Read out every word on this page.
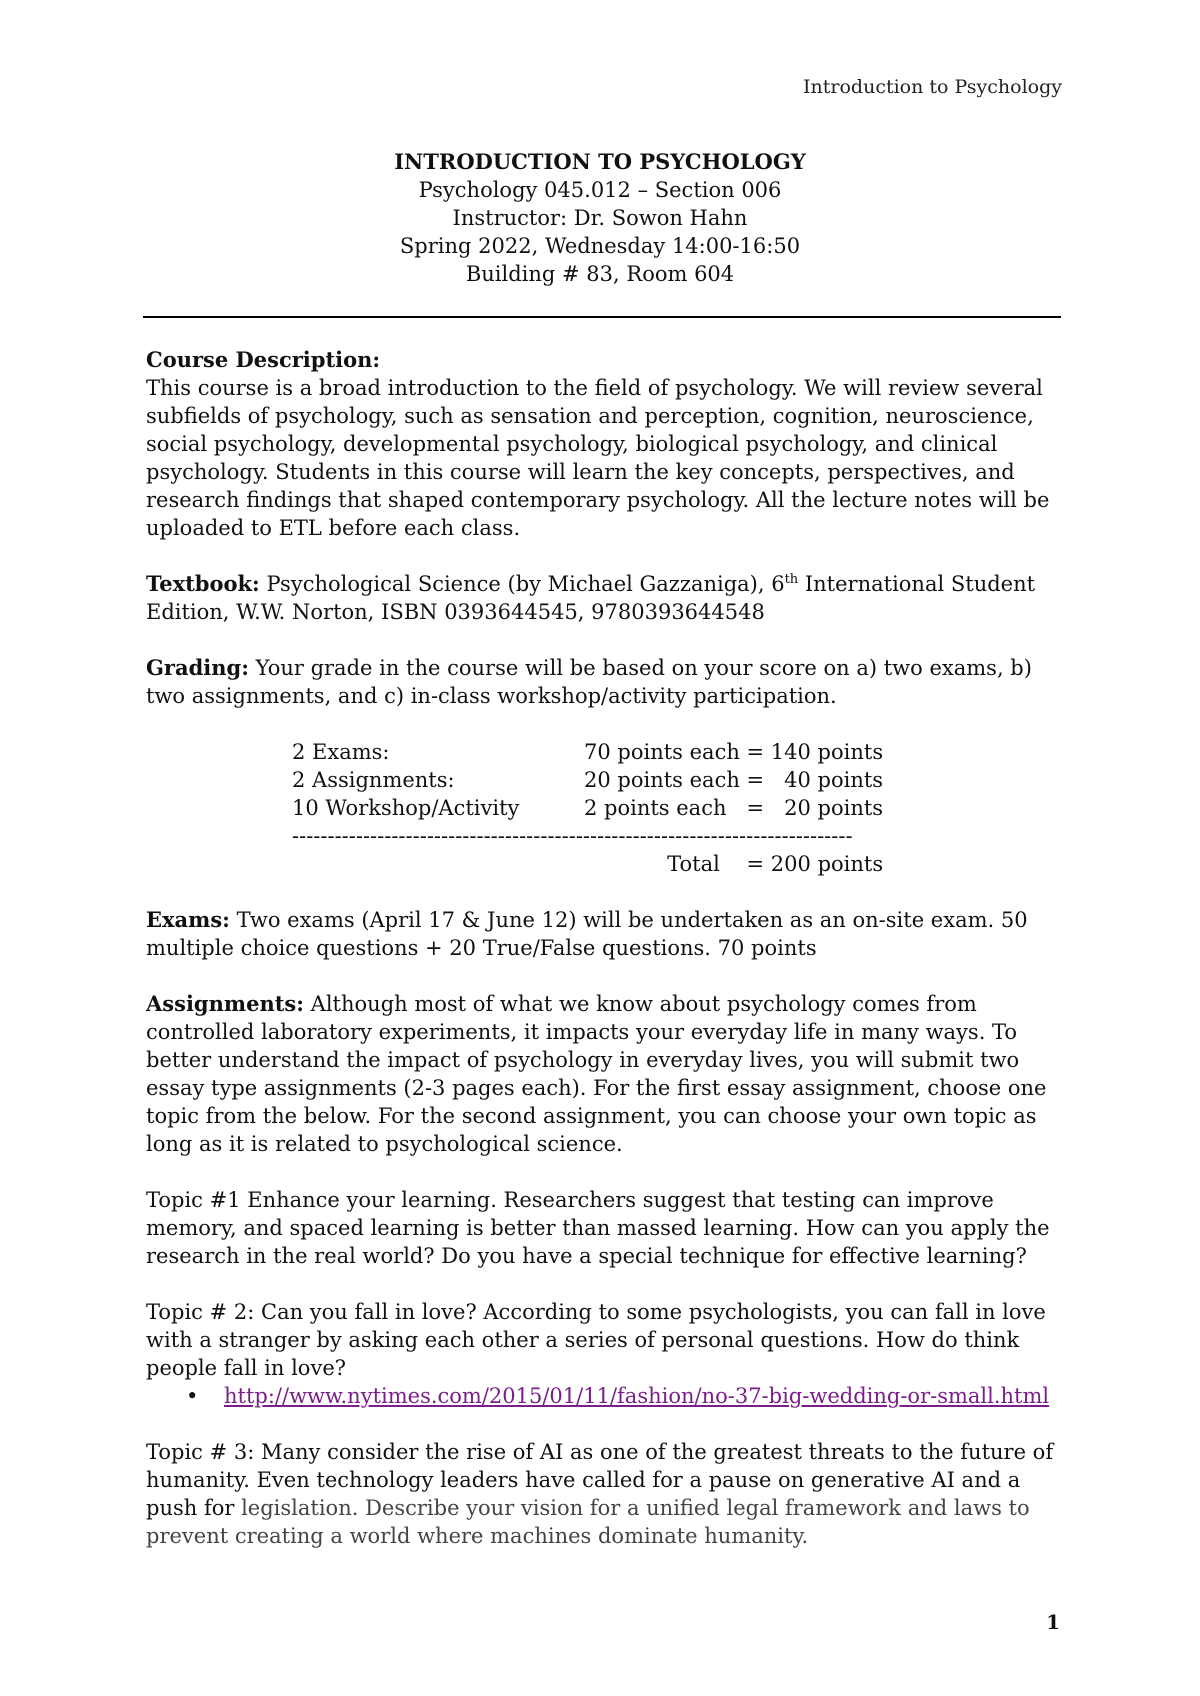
Introduction to Psychology
INTRODUCTION TO PSYCHOLOGY
Psychology 045.012 – Section 006
Instructor: Dr. Sowon Hahn
Spring 2022, Wednesday 14:00-16:50
Building # 83, Room 604

Course Description:
This course is a broad introduction to the field of psychology. We will review several subfields of psychology, such as sensation and perception, cognition, neuroscience, social psychology, developmental psychology, biological psychology, and clinical psychology. Students in this course will learn the key concepts, perspectives, and research findings that shaped contemporary psychology. All the lecture notes will be uploaded to ETL before each class.

Textbook: Psychological Science (by Michael Gazzaniga), 6th International Student Edition, W.W. Norton, ISBN 0393644545, 9780393644548

Grading: Your grade in the course will be based on your score on a) two exams, b) two assignments, and c) in-class workshop/activity participation.

2 Exams:	70 points each = 140 points
2 Assignments:	20 points each =   40 points
10 Workshop/Activity	2 points each   =   20 points
-------------------------------------------------------------------------------	
	Total    = 200 points

Exams: Two exams (April 17 & June 12) will be undertaken as an on-site exam. 50 multiple choice questions + 20 True/False questions. 70 points

Assignments: Although most of what we know about psychology comes from controlled laboratory experiments, it impacts your everyday life in many ways. To better understand the impact of psychology in everyday lives, you will submit two essay type assignments (2-3 pages each). For the first essay assignment, choose one topic from the below. For the second assignment, you can choose your own topic as long as it is related to psychological science.

Topic #1 Enhance your learning. Researchers suggest that testing can improve memory, and spaced learning is better than massed learning. How can you apply the research in the real world? Do you have a special technique for effective learning?

Topic # 2: Can you fall in love? According to some psychologists, you can fall in love with a stranger by asking each other a series of personal questions. How do think people fall in love?

• http://www.nytimes.com/2015/01/11/fashion/no-37-big-wedding-or-small.html

Topic # 3: Many consider the rise of AI as one of the greatest threats to the future of humanity. Even technology leaders have called for a pause on generative AI and a push for legislation. Describe your vision for a unified legal framework and laws to prevent creating a world where machines dominate humanity.

1
